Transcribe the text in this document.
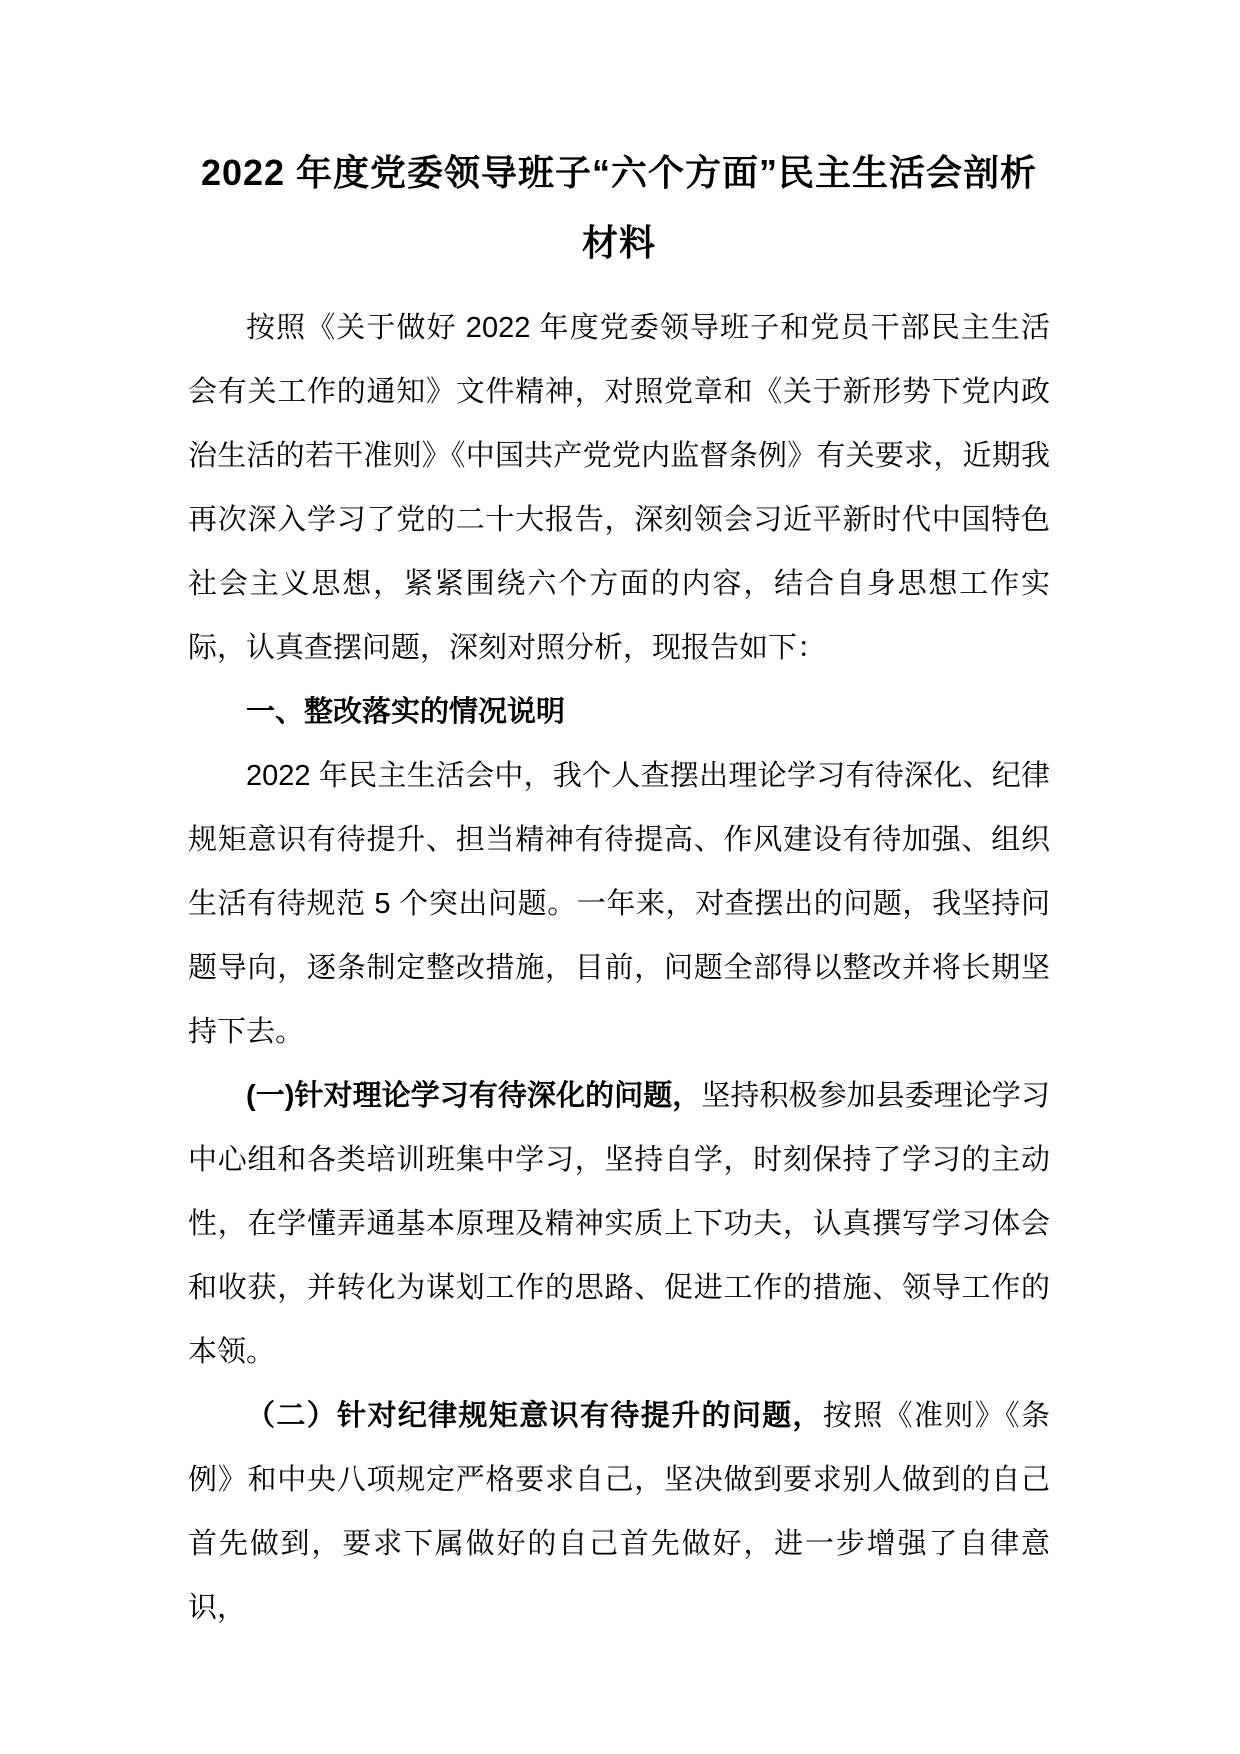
2022 年度党委领导班子“六个方面”民主生活会剖析材料

按照《关于做好 2022 年度党委领导班子和党员干部民主生活会有关工作的通知》文件精神，对照党章和《关于新形势下党内政治生活的若干准则》《中国共产党党内监督条例》有关要求，近期我再次深入学习了党的二十大报告，深刻领会习近平新时代中国特色社会主义思想，紧紧围绕六个方面的内容，结合自身思想工作实际，认真查摆问题，深刻对照分析，现报告如下：

一、整改落实的情况说明

2022 年民主生活会中，我个人查摆出理论学习有待深化、纪律规矩意识有待提升、担当精神有待提高、作风建设有待加强、组织生活有待规范 5 个突出问题。一年来，对查摆出的问题，我坚持问题导向，逐条制定整改措施，目前，问题全部得以整改并将长期坚持下去。

(一)针对理论学习有待深化的问题，坚持积极参加县委理论学习中心组和各类培训班集中学习，坚持自学，时刻保持了学习的主动性，在学懂弄通基本原理及精神实质上下功夫，认真撰写学习体会和收获，并转化为谋划工作的思路、促进工作的措施、领导工作的本领。

（二）针对纪律规矩意识有待提升的问题，按照《准则》《条例》和中央八项规定严格要求自己，坚决做到要求别人做到的自己首先做到，要求下属做好的自己首先做好，进一步增强了自律意识，
